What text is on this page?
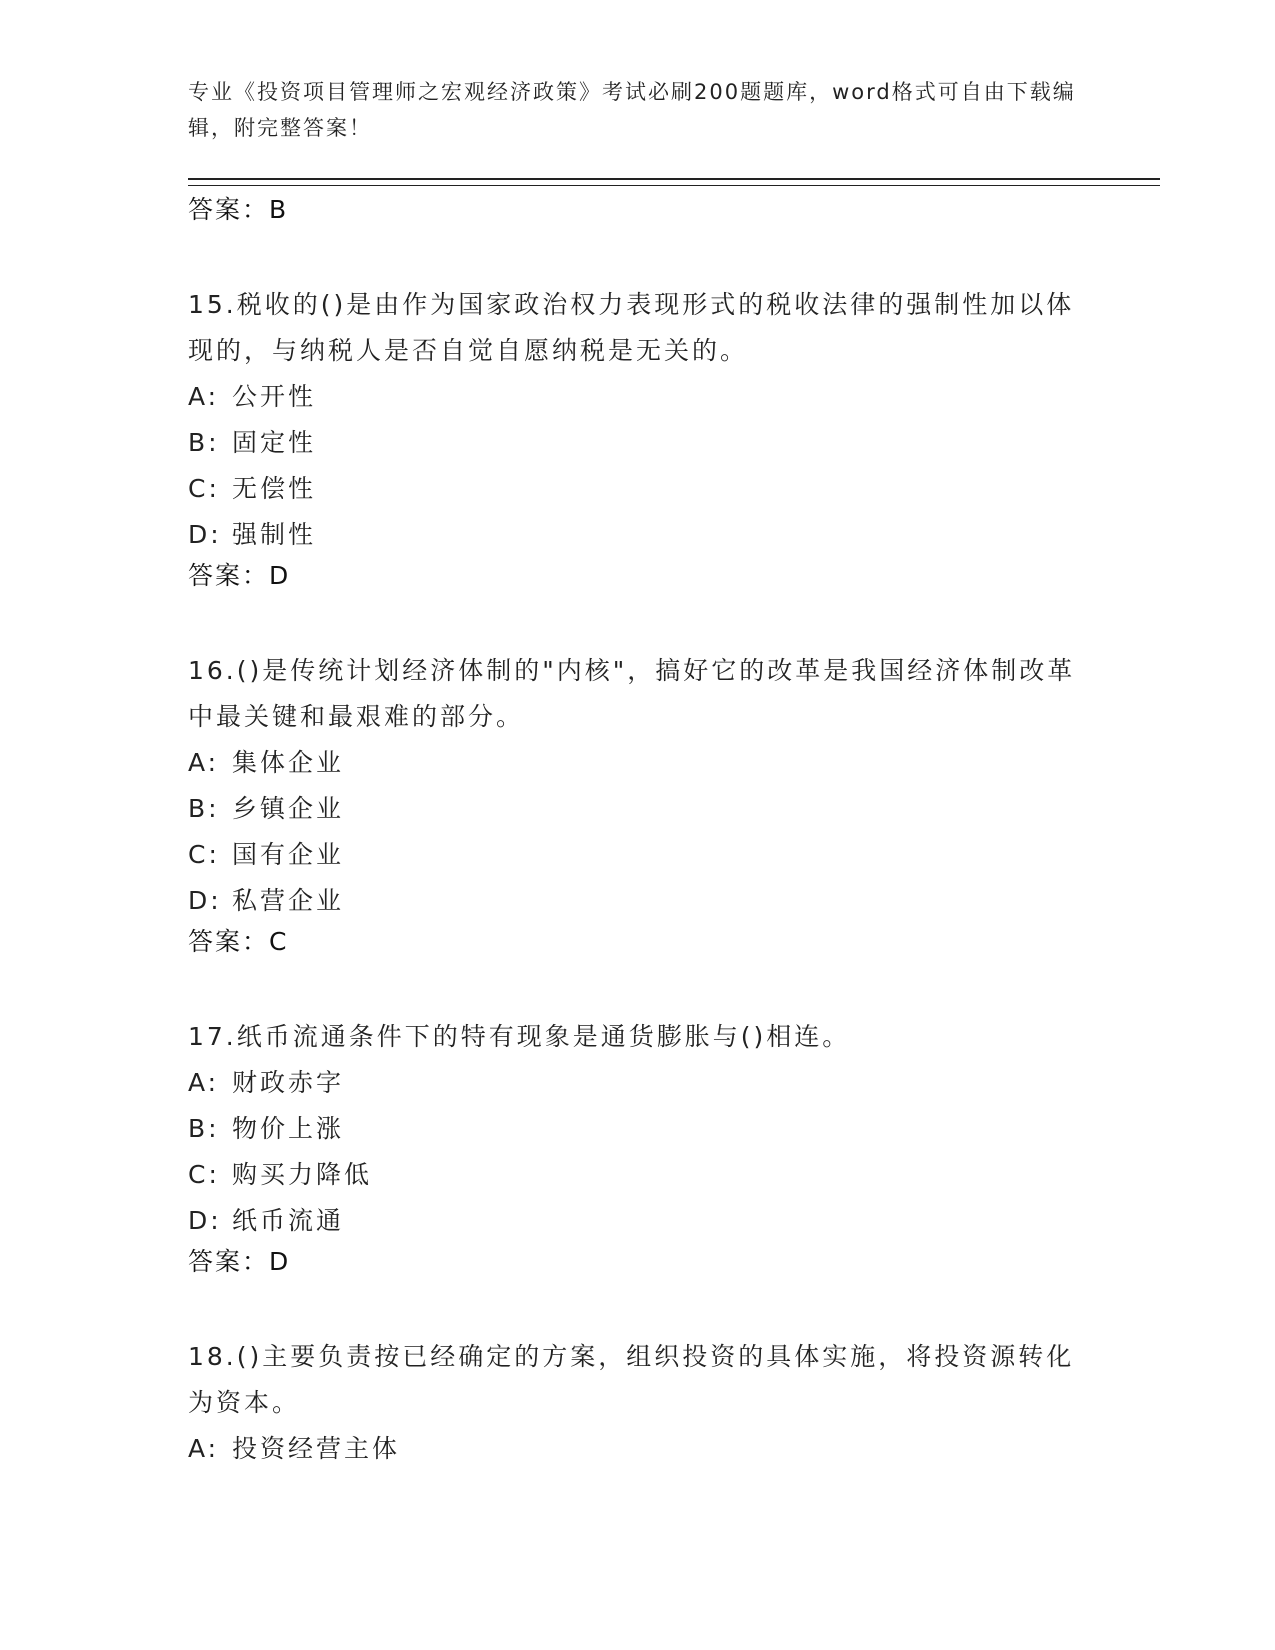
专业《投资项目管理师之宏观经济政策》考试必刷200题题库，word格式可自由下载编辑，附完整答案！
答案：B
15.税收的()是由作为国家政治权力表现形式的税收法律的强制性加以体现的，与纳税人是否自觉自愿纳税是无关的。
A: 公开性
B: 固定性
C: 无偿性
D: 强制性
答案：D
16.()是传统计划经济体制的"内核"，搞好它的改革是我国经济体制改革中最关键和最艰难的部分。
A: 集体企业
B: 乡镇企业
C: 国有企业
D: 私营企业
答案：C
17.纸币流通条件下的特有现象是通货膨胀与()相连。
A: 财政赤字
B: 物价上涨
C: 购买力降低
D: 纸币流通
答案：D
18.()主要负责按已经确定的方案，组织投资的具体实施，将投资源转化为资本。
A: 投资经营主体
